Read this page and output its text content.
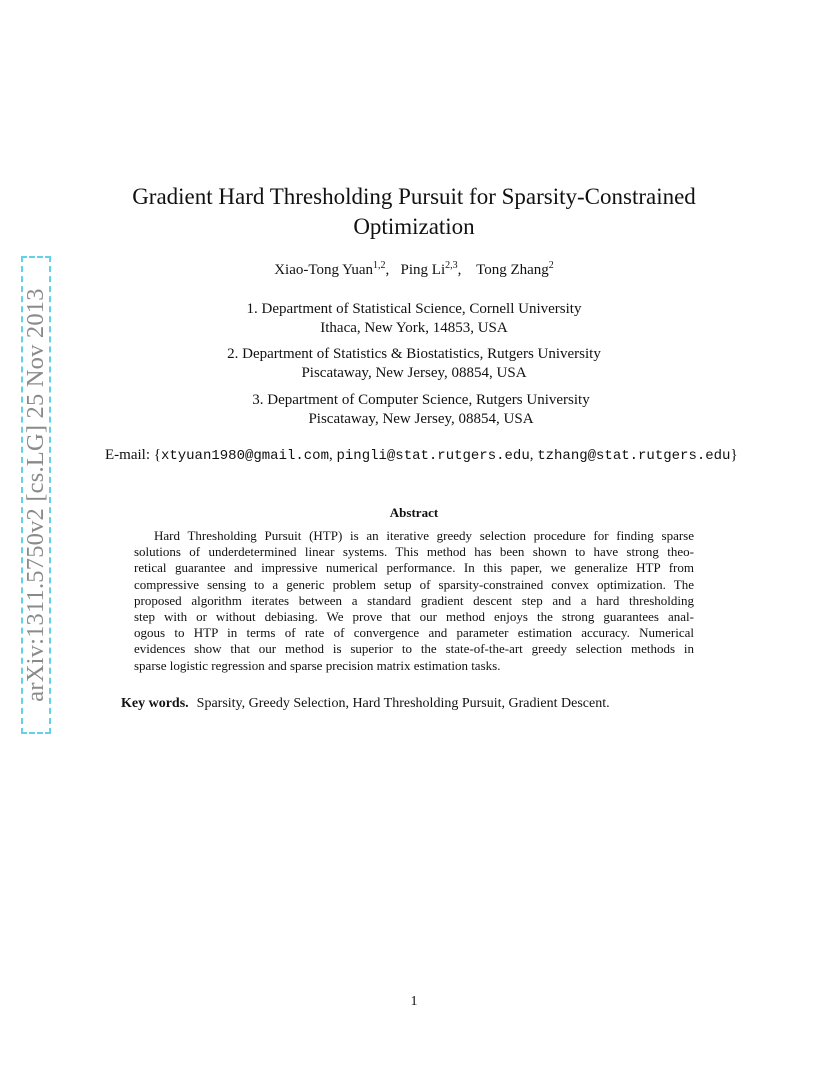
arXiv:1311.5750v2 [cs.LG] 25 Nov 2013
Gradient Hard Thresholding Pursuit for Sparsity-Constrained
Optimization
Xiao-Tong Yuan$^{1,2}$,   Ping Li$^{2,3}$,    Tong Zhang$^2$
1. Department of Statistical Science, Cornell University
Ithaca, New York, 14853, USA
2. Department of Statistics & Biostatistics, Rutgers University
Piscataway, New Jersey, 08854, USA
3. Department of Computer Science, Rutgers University
Piscataway, New Jersey, 08854, USA
E-mail: {xtyuan1980@gmail.com, pingli@stat.rutgers.edu, tzhang@stat.rutgers.edu}
Abstract
Hard Thresholding Pursuit (HTP) is an iterative greedy selection procedure for finding sparse
solutions of underdetermined linear systems. This method has been shown to have strong theo-
retical guarantee and impressive numerical performance. In this paper, we generalize HTP from
compressive sensing to a generic problem setup of sparsity-constrained convex optimization. The
proposed algorithm iterates between a standard gradient descent step and a hard thresholding
step with or without debiasing. We prove that our method enjoys the strong guarantees anal-
ogous to HTP in terms of rate of convergence and parameter estimation accuracy. Numerical
evidences show that our method is superior to the state-of-the-art greedy selection methods in
sparse logistic regression and sparse precision matrix estimation tasks.
Key words. Sparsity, Greedy Selection, Hard Thresholding Pursuit, Gradient Descent.
1
